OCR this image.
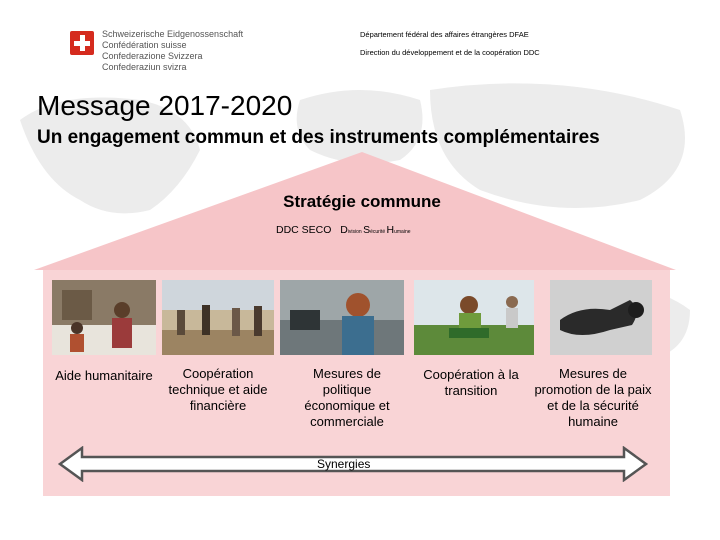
Schweizerische Eidgenossenschaft
Confédération suisse
Confederazione Svizzera
Confederaziun svizra
Département fédéral des affaires étrangères DFAE
Direction du développement et de la coopération DDC
Message 2017-2020
Un engagement commun et des instruments complémentaires
Stratégie commune
DDC SECO Division Sécurité Humaine
Aide humanitaire	Coopération technique et aide financière
Mesures de politique économique et commerciale
Coopération à la transition
Mesures de promotion de la paix et de la sécurité humaine
Synergies
